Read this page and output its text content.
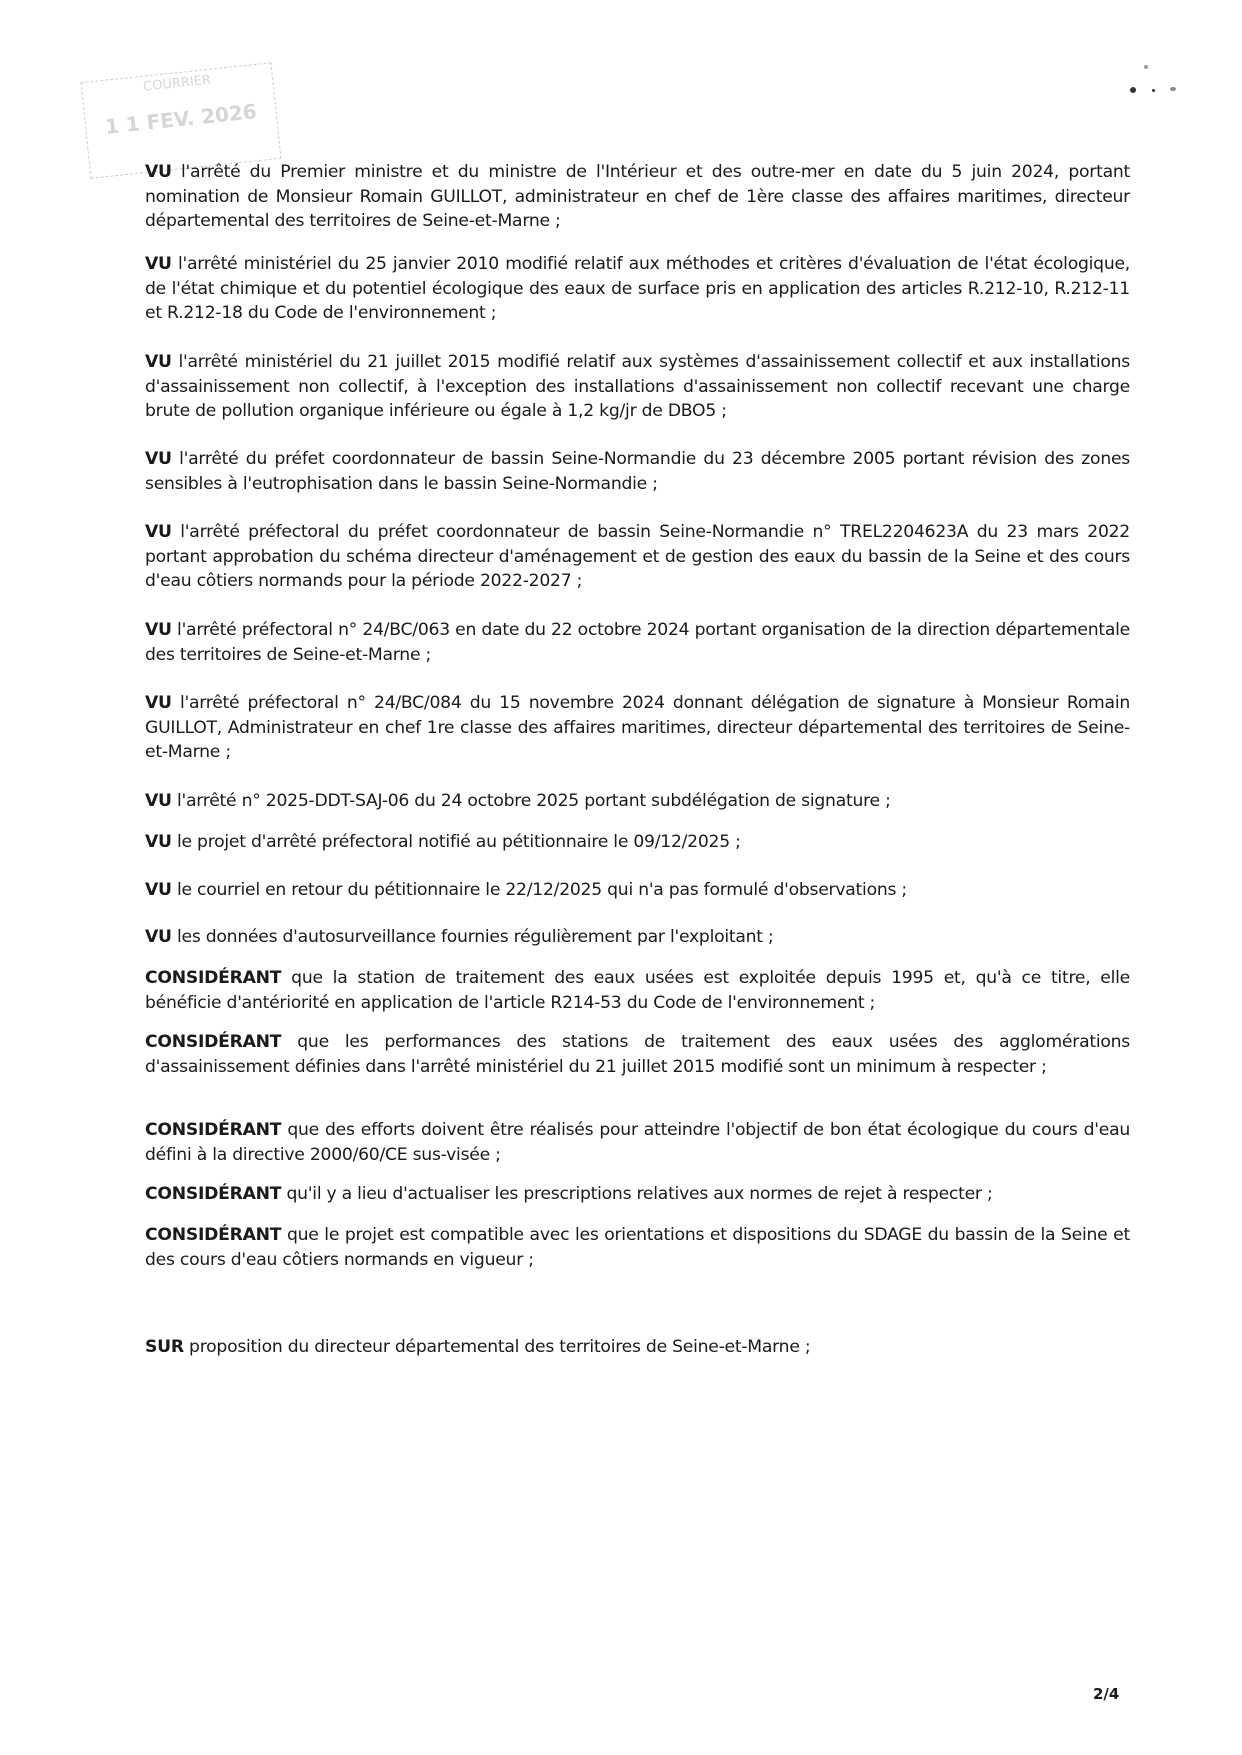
COURRIER
1 1 FEV. 2026

VU l'arrêté du Premier ministre et du ministre de l'Intérieur et des outre-mer en date du 5 juin 2024, portant nomination de Monsieur Romain GUILLOT, administrateur en chef de 1ère classe des affaires maritimes, directeur départemental des territoires de Seine-et-Marne ;

VU l'arrêté ministériel du 25 janvier 2010 modifié relatif aux méthodes et critères d'évaluation de l'état écologique, de l'état chimique et du potentiel écologique des eaux de surface pris en application des articles R.212-10, R.212-11 et R.212-18 du Code de l'environnement ;

VU l'arrêté ministériel du 21 juillet 2015 modifié relatif aux systèmes d'assainissement collectif et aux installations d'assainissement non collectif, à l'exception des installations d'assainissement non collectif recevant une charge brute de pollution organique inférieure ou égale à 1,2 kg/jr de DBO5 ;

VU l'arrêté du préfet coordonnateur de bassin Seine-Normandie du 23 décembre 2005 portant révision des zones sensibles à l'eutrophisation dans le bassin Seine-Normandie ;

VU l'arrêté préfectoral du préfet coordonnateur de bassin Seine-Normandie n° TREL2204623A du 23 mars 2022 portant approbation du schéma directeur d'aménagement et de gestion des eaux du bassin de la Seine et des cours d'eau côtiers normands pour la période 2022-2027 ;

VU l'arrêté préfectoral n° 24/BC/063 en date du 22 octobre 2024 portant organisation de la direction départementale des territoires de Seine-et-Marne ;

VU l'arrêté préfectoral n° 24/BC/084 du 15 novembre 2024 donnant délégation de signature à Monsieur Romain GUILLOT, Administrateur en chef 1re classe des affaires maritimes, directeur départemental des territoires de Seine-et-Marne ;

VU l'arrêté n° 2025-DDT-SAJ-06 du 24 octobre 2025 portant subdélégation de signature ;

VU le projet d'arrêté préfectoral notifié au pétitionnaire le 09/12/2025 ;

VU le courriel en retour du pétitionnaire le 22/12/2025 qui n'a pas formulé d'observations ;

VU les données d'autosurveillance fournies régulièrement par l'exploitant ;

CONSIDÉRANT que la station de traitement des eaux usées est exploitée depuis 1995 et, qu'à ce titre, elle bénéficie d'antériorité en application de l'article R214-53 du Code de l'environnement ;

CONSIDÉRANT que les performances des stations de traitement des eaux usées des agglomérations d'assainissement définies dans l'arrêté ministériel du 21 juillet 2015 modifié sont un minimum à respecter ;

CONSIDÉRANT que des efforts doivent être réalisés pour atteindre l'objectif de bon état écologique du cours d'eau défini à la directive 2000/60/CE sus-visée ;

CONSIDÉRANT qu'il y a lieu d'actualiser les prescriptions relatives aux normes de rejet à respecter ;

CONSIDÉRANT que le projet est compatible avec les orientations et dispositions du SDAGE du bassin de la Seine et des cours d'eau côtiers normands en vigueur ;

SUR proposition du directeur départemental des territoires de Seine-et-Marne ;

2/4
